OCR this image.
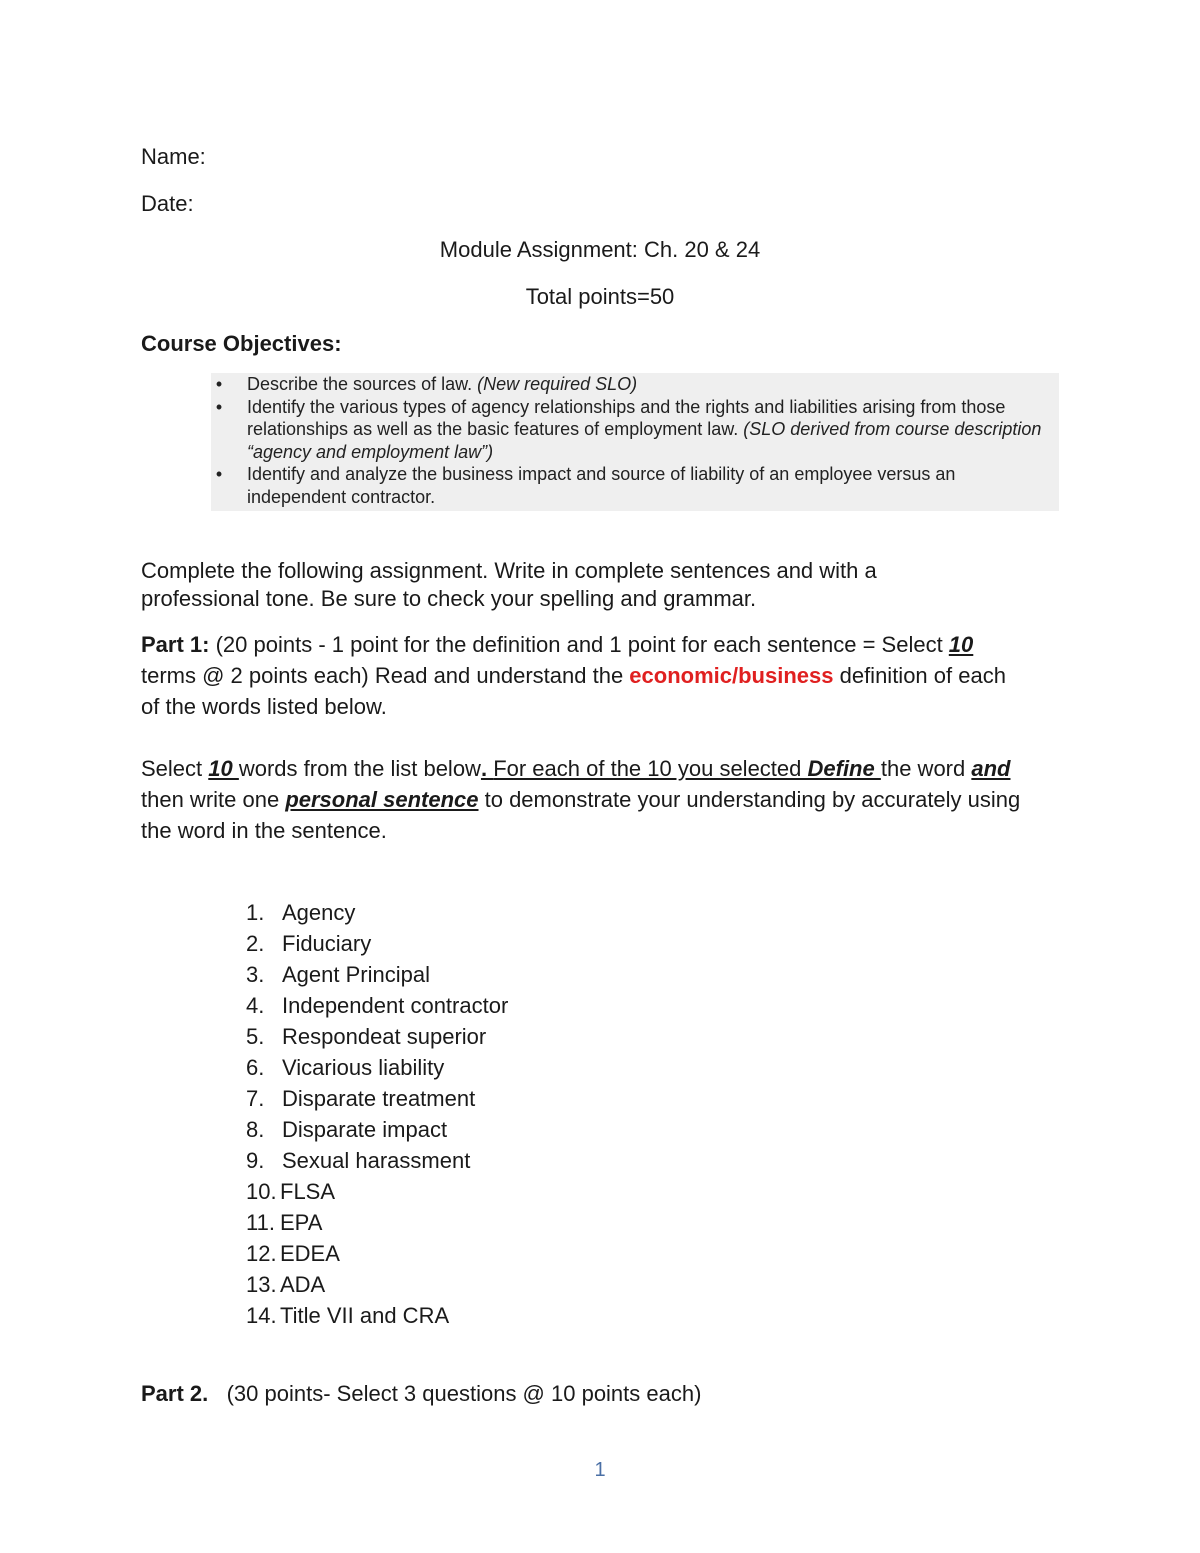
Name:
Date:
Module Assignment: Ch. 20 & 24
Total points=50
Course Objectives:
• Describe the sources of law. (New required SLO)
• Identify the various types of agency relationships and the rights and liabilities arising from those relationships as well as the basic features of employment law. (SLO derived from course description “agency and employment law”)
• Identify and analyze the business impact and source of liability of an employee versus an independent contractor.
Complete the following assignment. Write in complete sentences and with a professional tone. Be sure to check your spelling and grammar.
Part 1: (20 points - 1 point for the definition and 1 point for each sentence = Select 10 terms @ 2 points each) Read and understand the economic/business definition of each of the words listed below.
Select 10 words from the list below. For each of the 10 you selected Define the word and then write one personal sentence to demonstrate your understanding by accurately using the word in the sentence.
1. Agency
2. Fiduciary
3. Agent Principal
4. Independent contractor
5. Respondeat superior
6. Vicarious liability
7. Disparate treatment
8. Disparate impact
9. Sexual harassment
10. FLSA
11. EPA
12. EDEA
13. ADA
14. Title VII and CRA
Part 2.   (30 points- Select 3 questions @ 10 points each)
1
